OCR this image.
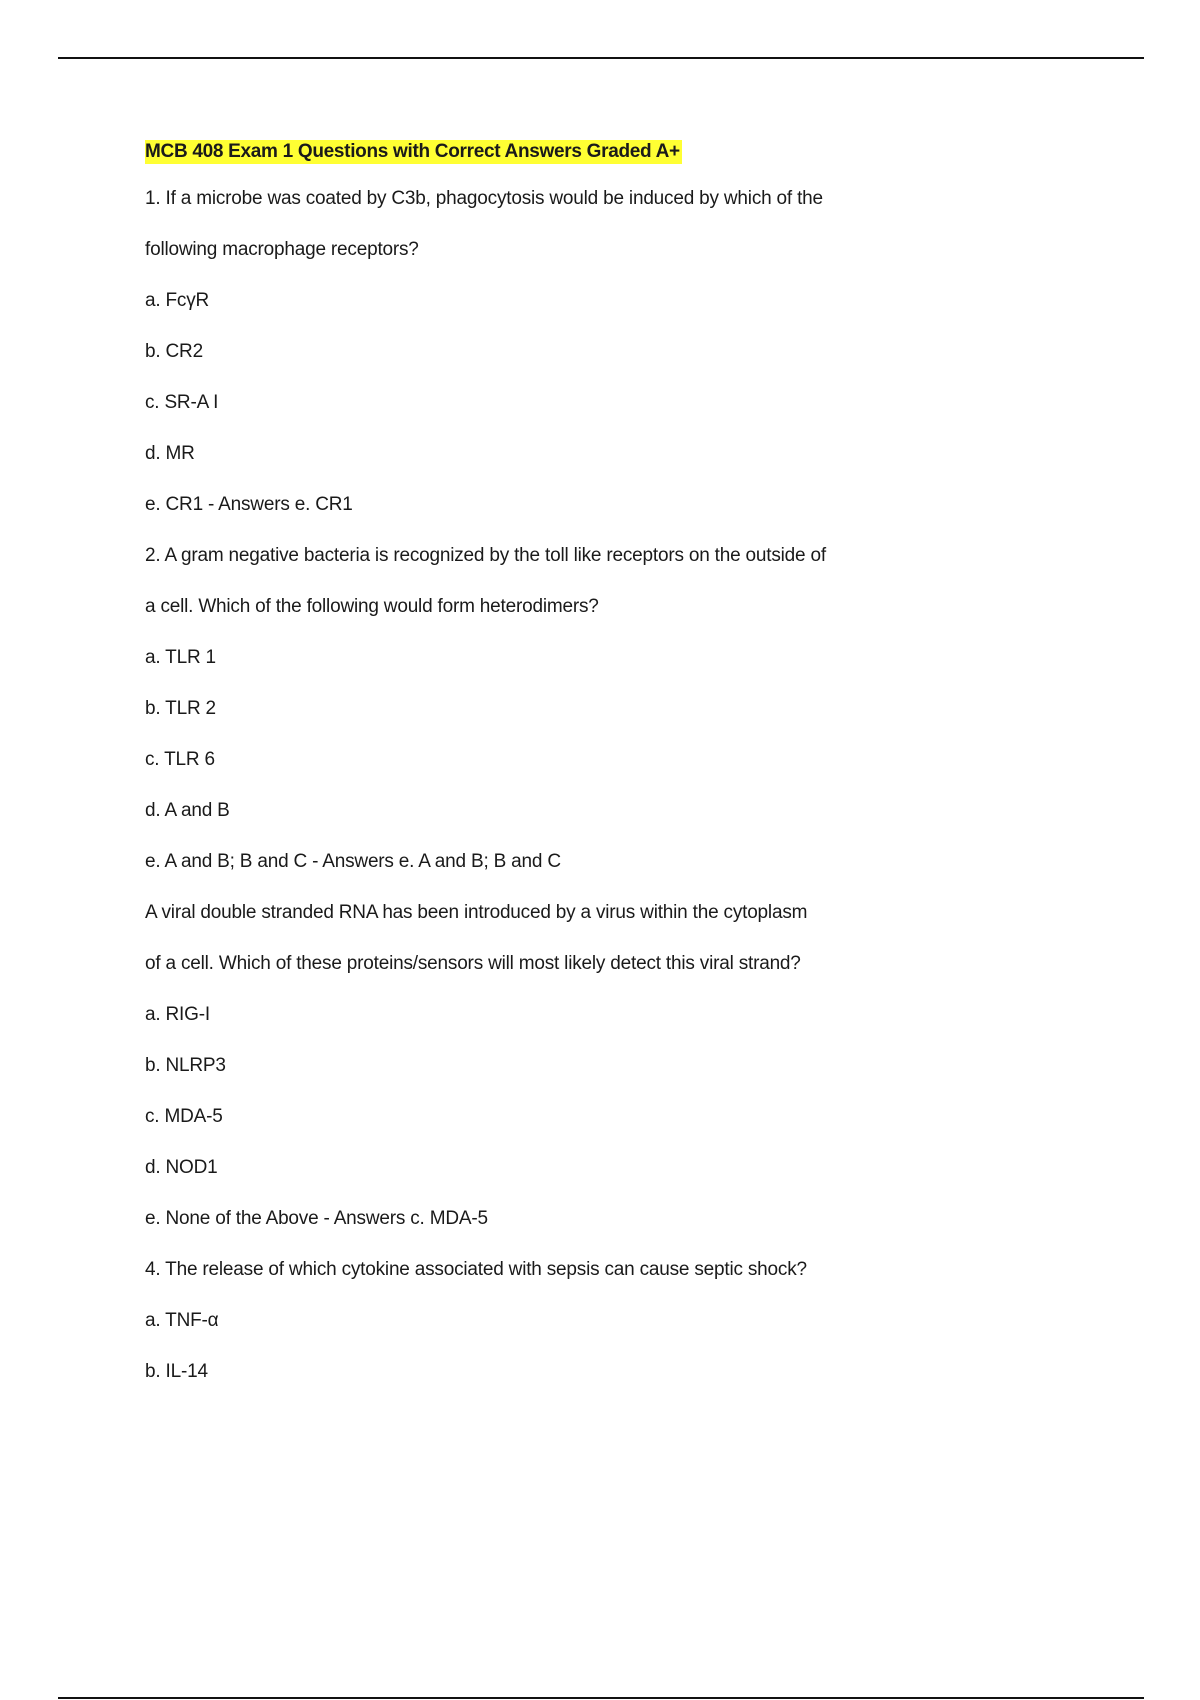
MCB 408 Exam 1 Questions with Correct Answers Graded A+
1. If a microbe was coated by C3b, phagocytosis would be induced by which of the
following macrophage receptors?
a. FcγR
b. CR2
c. SR-A I
d. MR
e. CR1 - Answers e. CR1
2. A gram negative bacteria is recognized by the toll like receptors on the outside of
a cell. Which of the following would form heterodimers?
a. TLR 1
b. TLR 2
c. TLR 6
d. A and B
e. A and B; B and C - Answers e. A and B; B and C
A viral double stranded RNA has been introduced by a virus within the cytoplasm
of a cell. Which of these proteins/sensors will most likely detect this viral strand?
a. RIG-I
b. NLRP3
c. MDA-5
d. NOD1
e. None of the Above - Answers c. MDA-5
4. The release of which cytokine associated with sepsis can cause septic shock?
a. TNF-α
b. IL-14
